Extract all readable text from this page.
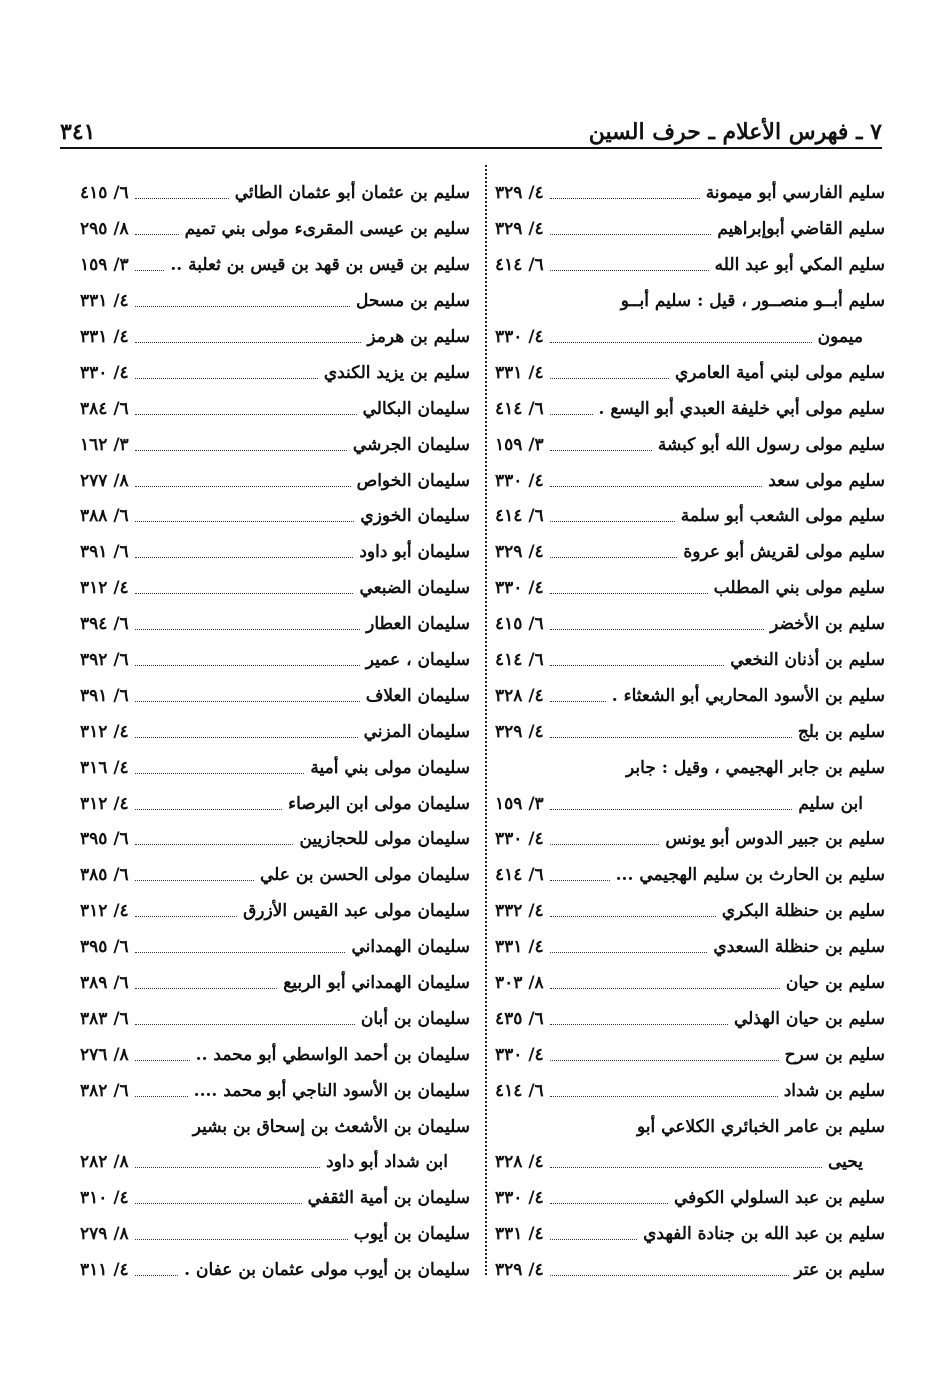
٧ ـ فهرس الأعلام ـ حرف السين
٣٤١
سليم الفارسي أبو ميمونة
٤/ ٣٢٩
سليم القاضي أبوإبراهيم
٤/ ٣٢٩
سليم المكي أبو عبد الله
٦/ ٤١٤
سليم أبــو منصــور ، قيل : سليم أبــو
ميمون
٤/ ٣٣٠
سليم مولى لبني أمية العامري
٤/ ٣٣١
سليم مولى أبي خليفة العبدي أبو اليسع .
٦/ ٤١٤
سليم مولى رسول الله أبو كبشة
٣/ ١٥٩
سليم مولى سعد
٤/ ٣٣٠
سليم مولى الشعب أبو سلمة
٦/ ٤١٤
سليم مولى لقريش أبو عروة
٤/ ٣٢٩
سليم مولى بني المطلب
٤/ ٣٣٠
سليم بن الأخضر
٦/ ٤١٥
سليم بن أذنان النخعي
٦/ ٤١٤
سليم بن الأسود المحاربي أبو الشعثاء .
٤/ ٣٢٨
سليم بن بلج
٤/ ٣٢٩
سليم بن جابر الهجيمي ، وقيل : جابر
ابن سليم
٣/ ١٥٩
سليم بن جبير الدوس أبو يونس
٤/ ٣٣٠
سليم بن الحارث بن سليم الهجيمي ...
٦/ ٤١٤
سليم بن حنظلة البكري
٤/ ٣٣٢
سليم بن حنظلة السعدي
٤/ ٣٣١
سليم بن حيان
٨/ ٣٠٣
سليم بن حيان الهذلي
٦/ ٤٣٥
سليم بن سرح
٤/ ٣٣٠
سليم بن شداد
٦/ ٤١٤
سليم بن عامر الخبائري الكلاعي أبو
يحيى
٤/ ٣٢٨
سليم بن عبد السلولي الكوفي
٤/ ٣٣٠
سليم بن عبد الله بن جنادة الفهدي
٤/ ٣٣١
سليم بن عتر
٤/ ٣٢٩
سليم بن عثمان أبو عثمان الطائي
٦/ ٤١٥
سليم بن عيسى المقرىء مولى بني تميم
٨/ ٢٩٥
سليم بن قيس بن قهد بن قيس بن ثعلبة ..
٣/ ١٥٩
سليم بن مسحل
٤/ ٣٣١
سليم بن هرمز
٤/ ٣٣١
سليم بن يزيد الكندي
٤/ ٣٣٠
سليمان البكالي
٦/ ٣٨٤
سليمان الجرشي
٣/ ١٦٢
سليمان الخواص
٨/ ٢٧٧
سليمان الخوزي
٦/ ٣٨٨
سليمان أبو داود
٦/ ٣٩١
سليمان الضبعي
٤/ ٣١٢
سليمان العطار
٦/ ٣٩٤
سليمان ، عمير
٦/ ٣٩٢
سليمان العلاف
٦/ ٣٩١
سليمان المزني
٤/ ٣١٢
سليمان مولى بني أمية
٤/ ٣١٦
سليمان مولى ابن البرصاء
٤/ ٣١٢
سليمان مولى للحجازيين
٦/ ٣٩٥
سليمان مولى الحسن بن علي
٦/ ٣٨٥
سليمان مولى عبد القيس الأزرق
٤/ ٣١٢
سليمان الهمداني
٦/ ٣٩٥
سليمان الهمداني أبو الربيع
٦/ ٣٨٩
سليمان بن أبان
٦/ ٣٨٣
سليمان بن أحمد الواسطي أبو محمد ..
٨/ ٢٧٦
سليمان بن الأسود الناجي أبو محمد ....
٦/ ٣٨٢
سليمان بن الأشعث بن إسحاق بن بشير
ابن شداد أبو داود
٨/ ٢٨٢
سليمان بن أمية الثقفي
٤/ ٣١٠
سليمان بن أيوب
٨/ ٢٧٩
سليمان بن أيوب مولى عثمان بن عفان .
٤/ ٣١١
